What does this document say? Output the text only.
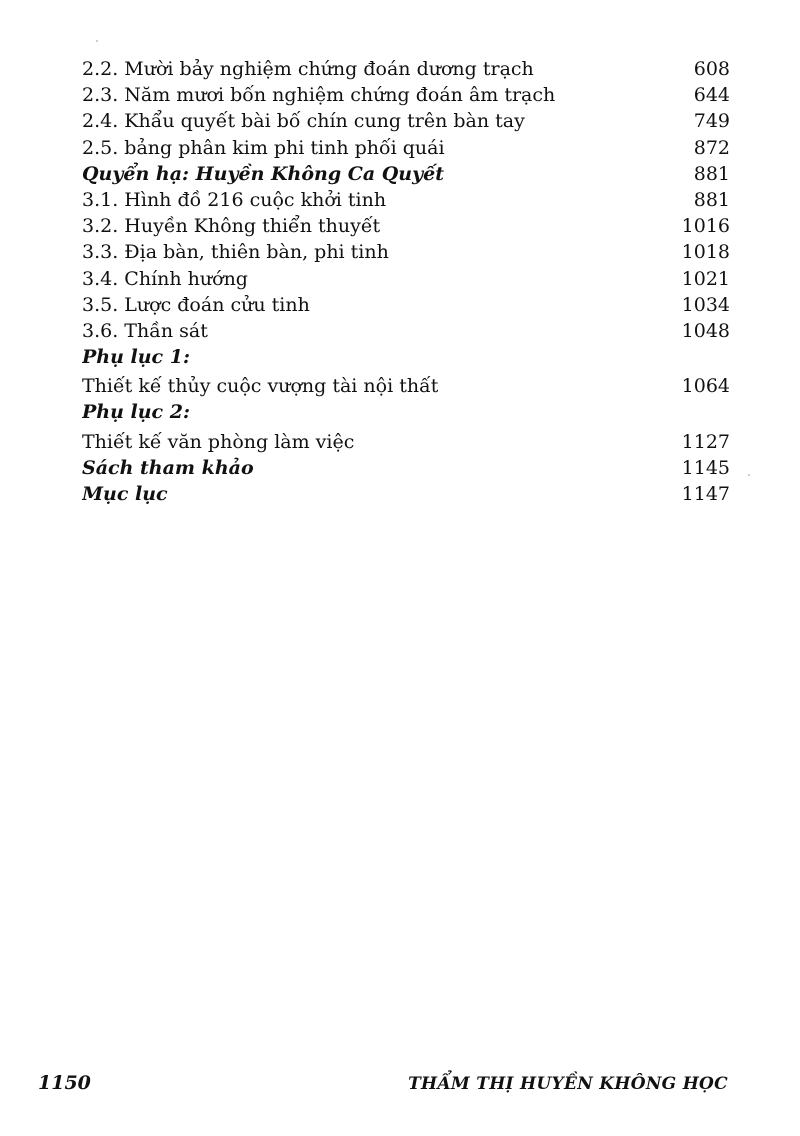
2.2. Mười bảy nghiệm chứng đoán dương trạch	608
2.3. Năm mươi bốn nghiệm chứng đoán âm trạch	644
2.4. Khẩu quyết bài bố chín cung trên bàn tay	749
2.5. bảng phân kim phi tinh phối quái	872
Quyển hạ: Huyền Không Ca Quyết	881
3.1. Hình đồ 216 cuộc khởi tinh	881
3.2. Huyền Không thiển thuyết	1016
3.3. Địa bàn, thiên bàn, phi tinh	1018
3.4. Chính hướng	1021
3.5. Lược đoán cửu tinh	1034
3.6. Thần sát	1048
Phụ lục 1:
Thiết kế thủy cuộc vượng tài nội thất	1064
Phụ lục 2:
Thiết kế văn phòng làm việc	1127
Sách tham khảo	1145
Mục lục	1147
1150	THẨM THỊ HUYỀN KHÔNG HỌC
